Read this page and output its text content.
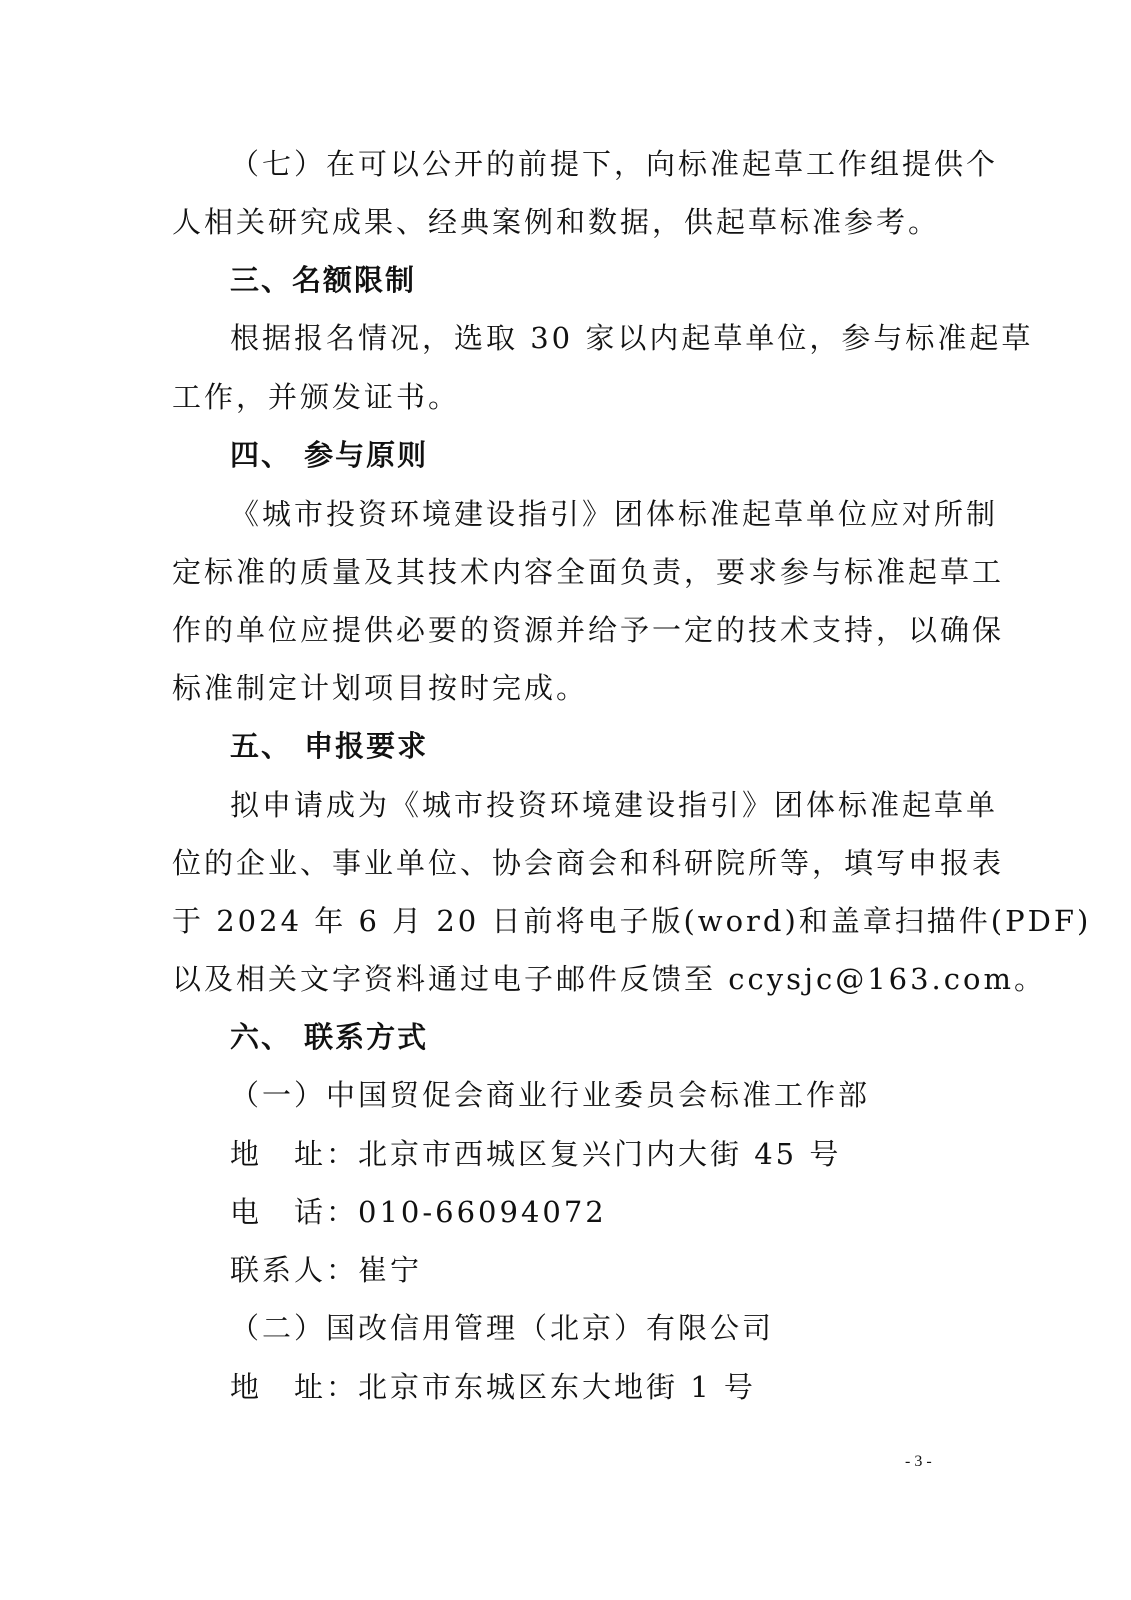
（七）在可以公开的前提下，向标准起草工作组提供个
人相关研究成果、经典案例和数据，供起草标准参考。
三、名额限制
根据报名情况，选取 30 家以内起草单位，参与标准起草
工作，并颁发证书。
四、 参与原则
《城市投资环境建设指引》团体标准起草单位应对所制
定标准的质量及其技术内容全面负责，要求参与标准起草工
作的单位应提供必要的资源并给予一定的技术支持，以确保
标准制定计划项目按时完成。
五、 申报要求
拟申请成为《城市投资环境建设指引》团体标准起草单
位的企业、事业单位、协会商会和科研院所等，填写申报表
于 2024 年 6 月 20 日前将电子版(word)和盖章扫描件(PDF)
以及相关文字资料通过电子邮件反馈至 ccysjc@163.com。
六、 联系方式
（一）中国贸促会商业行业委员会标准工作部
地　址：北京市西城区复兴门内大街 45 号
电　话：010-66094072
联系人：崔宁
（二）国改信用管理（北京）有限公司
地　址：北京市东城区东大地街 1 号
- 3 -
